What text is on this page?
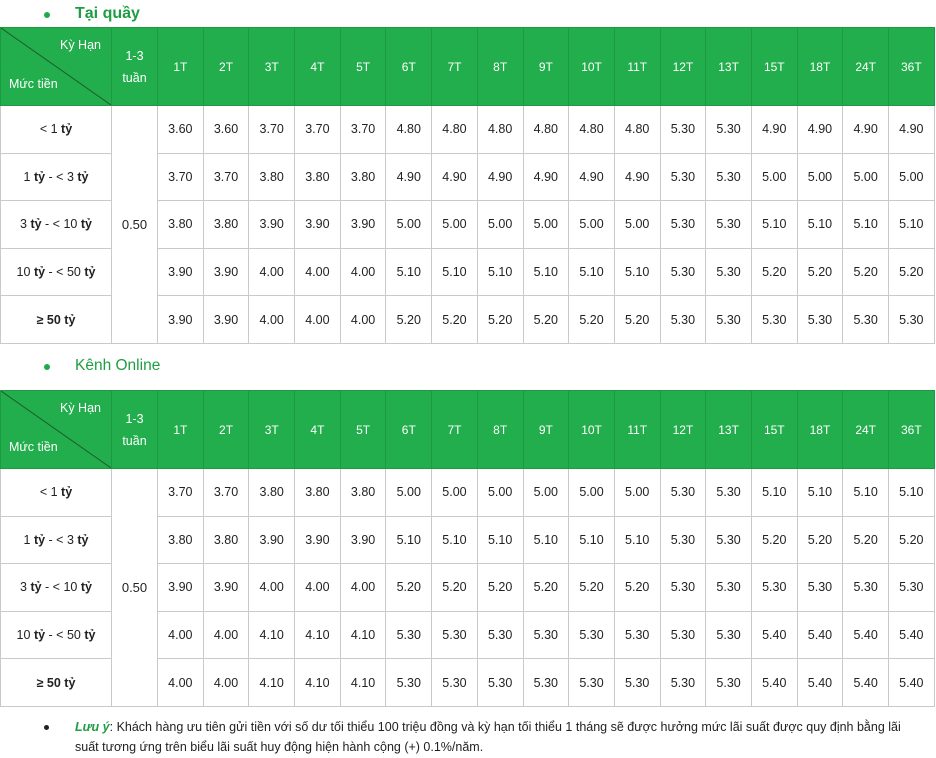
Tại quầy
Kỳ Hạn
Mức tiền	1-3 tuần	1T	2T	3T	4T	5T	6T	7T	8T	9T	10T	11T	12T	13T	15T	18T	24T	36T
< 1 tỷ	0.50	3.60	3.60	3.70	3.70	3.70	4.80	4.80	4.80	4.80	4.80	4.80	5.30	5.30	4.90	4.90	4.90	4.90
1 tỷ - < 3 tỷ		3.70	3.70	3.80	3.80	3.80	4.90	4.90	4.90	4.90	4.90	4.90	5.30	5.30	5.00	5.00	5.00	5.00
3 tỷ - < 10 tỷ		3.80	3.80	3.90	3.90	3.90	5.00	5.00	5.00	5.00	5.00	5.00	5.30	5.30	5.10	5.10	5.10	5.10
10 tỷ - < 50 tỷ		3.90	3.90	4.00	4.00	4.00	5.10	5.10	5.10	5.10	5.10	5.10	5.30	5.30	5.20	5.20	5.20	5.20
≥ 50 tỷ		3.90	3.90	4.00	4.00	4.00	5.20	5.20	5.20	5.20	5.20	5.20	5.30	5.30	5.30	5.30	5.30	5.30
Kênh Online
Kỳ Hạn
Mức tiền	1-3 tuần	1T	2T	3T	4T	5T	6T	7T	8T	9T	10T	11T	12T	13T	15T	18T	24T	36T
< 1 tỷ	0.50	3.70	3.70	3.80	3.80	3.80	5.00	5.00	5.00	5.00	5.00	5.00	5.30	5.30	5.10	5.10	5.10	5.10
1 tỷ - < 3 tỷ		3.80	3.80	3.90	3.90	3.90	5.10	5.10	5.10	5.10	5.10	5.10	5.30	5.30	5.20	5.20	5.20	5.20
3 tỷ - < 10 tỷ		3.90	3.90	4.00	4.00	4.00	5.20	5.20	5.20	5.20	5.20	5.20	5.30	5.30	5.30	5.30	5.30	5.30
10 tỷ - < 50 tỷ		4.00	4.00	4.10	4.10	4.10	5.30	5.30	5.30	5.30	5.30	5.30	5.30	5.30	5.40	5.40	5.40	5.40
≥ 50 tỷ		4.00	4.00	4.10	4.10	4.10	5.30	5.30	5.30	5.30	5.30	5.30	5.30	5.30	5.40	5.40	5.40	5.40
Lưu ý: Khách hàng ưu tiên gửi tiền với số dư tối thiểu 100 triệu đồng và kỳ hạn tối thiểu 1 tháng sẽ được hưởng mức lãi suất được quy định bằng lãi suất tương ứng trên biểu lãi suất huy động hiện hành cộng (+) 0.1%/năm.
